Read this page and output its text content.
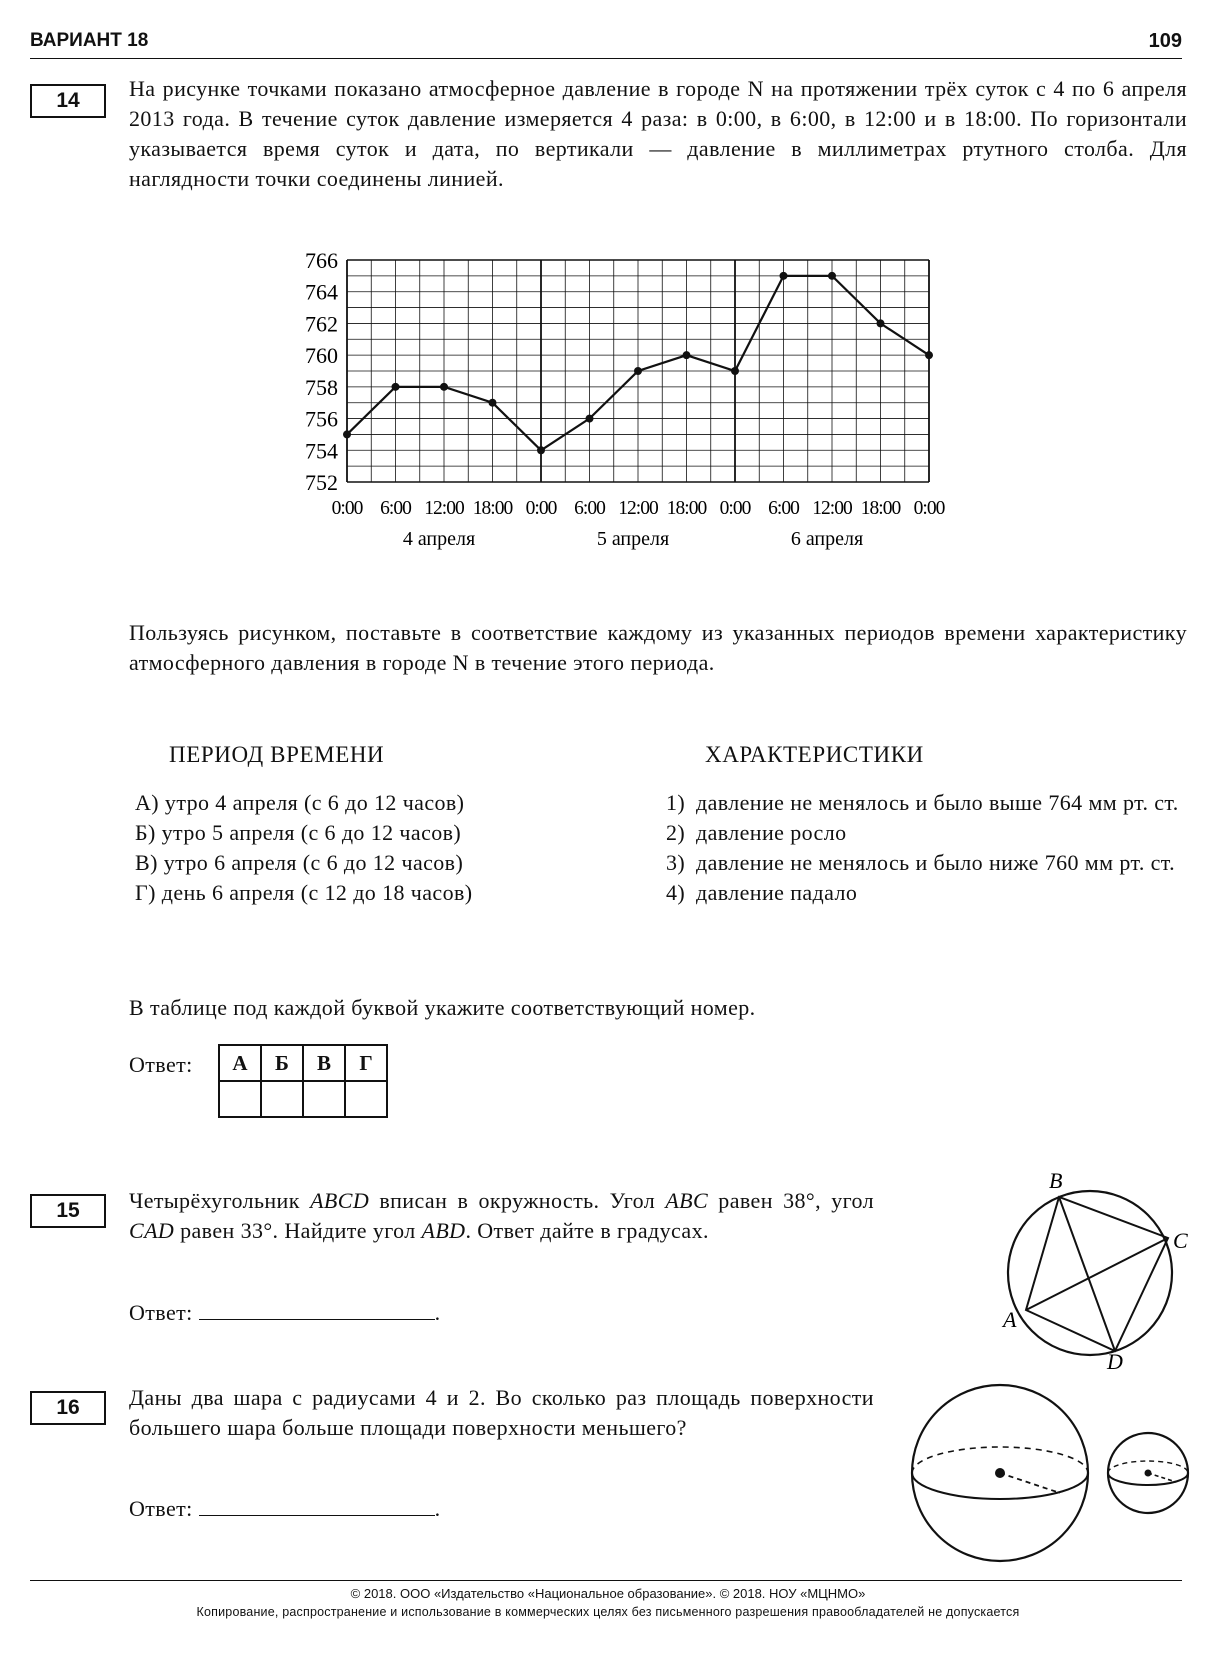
ВАРИАНТ 18	109
14	На рисунке точками показано атмосферное давление в городе N на протяжении трёх суток с 4 по 6 апреля 2013 года. В течение суток давление измеряется 4 раза: в 0:00, в 6:00, в 12:00 и в 18:00. По горизонтали указывается время суток и дата, по вертикали — давление в миллиметрах ртутного столба. Для наглядности точки соединены линией.
752
754
756
758
760
762
764
766
0:00 6:00 12:00 18:00 0:00 6:00 12:00 18:00 0:00 6:00 12:00 18:00 0:00
4 апреля	5 апреля	6 апреля
Пользуясь рисунком, поставьте в соответствие каждому из указанных периодов времени характеристику атмосферного давления в городе N в течение этого периода.
ПЕРИОД ВРЕМЕНИ	ХАРАКТЕРИСТИКИ
А) утро 4 апреля (с 6 до 12 часов)
Б) утро 5 апреля (с 6 до 12 часов)
В) утро 6 апреля (с 6 до 12 часов)
Г) день 6 апреля (с 12 до 18 часов)
1) давление не менялось и было выше 764 мм рт. ст.
2) давление росло
3) давление не менялось и было ниже 760 мм рт. ст.
4) давление падало
В таблице под каждой буквой укажите соответствующий номер.
Ответ: А	Б	В	Г

15	Четырёхугольник ABCD вписан в окружность. Угол ABC равен 38°, угол CAD равен 33°. Найдите угол ABD. Ответ дайте в градусах.
Ответ:	.
B
C
A
D
16	Даны два шара с радиусами 4 и 2. Во сколько раз площадь поверхности большего шара больше площади поверхности меньшего?
Ответ:	.
© 2018. ООО «Издательство «Национальное образование». © 2018. НОУ «МЦНМО»
Копирование, распространение и использование в коммерческих целях без письменного разрешения правообладателей не допускается
